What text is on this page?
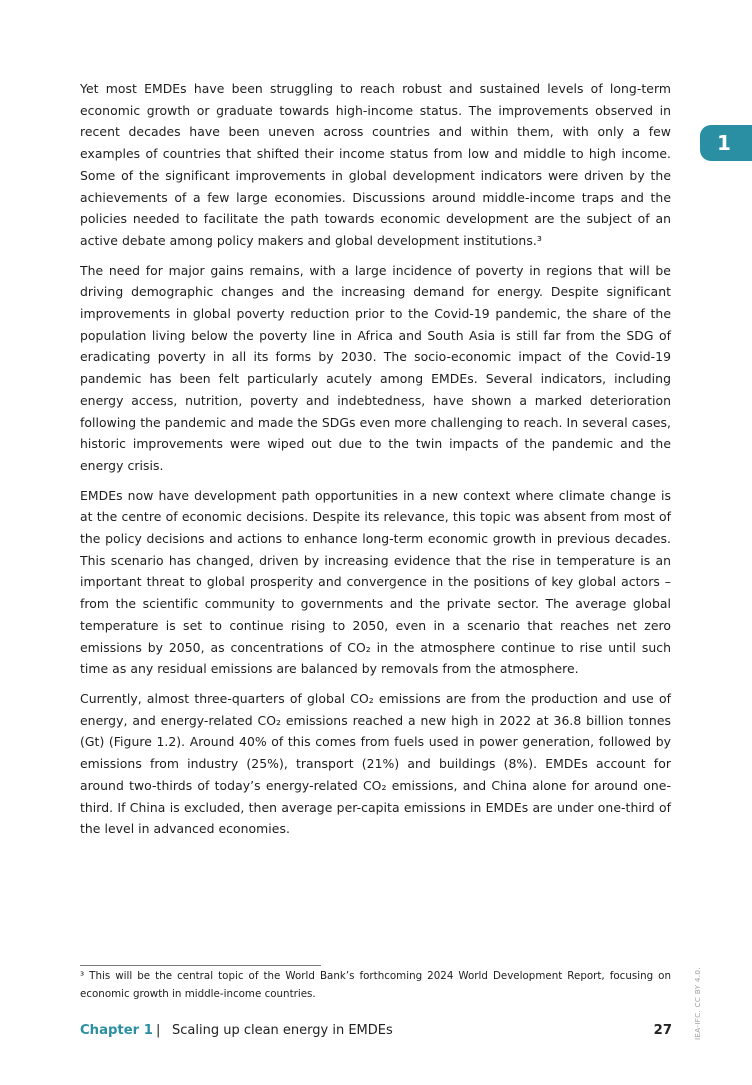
Yet most EMDEs have been struggling to reach robust and sustained levels of long-term economic growth or graduate towards high-income status. The improvements observed in recent decades have been uneven across countries and within them, with only a few examples of countries that shifted their income status from low and middle to high income. Some of the significant improvements in global development indicators were driven by the achievements of a few large economies. Discussions around middle-income traps and the policies needed to facilitate the path towards economic development are the subject of an active debate among policy makers and global development institutions.³

The need for major gains remains, with a large incidence of poverty in regions that will be driving demographic changes and the increasing demand for energy. Despite significant improvements in global poverty reduction prior to the Covid-19 pandemic, the share of the population living below the poverty line in Africa and South Asia is still far from the SDG of eradicating poverty in all its forms by 2030. The socio-economic impact of the Covid-19 pandemic has been felt particularly acutely among EMDEs. Several indicators, including energy access, nutrition, poverty and indebtedness, have shown a marked deterioration following the pandemic and made the SDGs even more challenging to reach. In several cases, historic improvements were wiped out due to the twin impacts of the pandemic and the energy crisis.

EMDEs now have development path opportunities in a new context where climate change is at the centre of economic decisions. Despite its relevance, this topic was absent from most of the policy decisions and actions to enhance long-term economic growth in previous decades. This scenario has changed, driven by increasing evidence that the rise in temperature is an important threat to global prosperity and convergence in the positions of key global actors – from the scientific community to governments and the private sector. The average global temperature is set to continue rising to 2050, even in a scenario that reaches net zero emissions by 2050, as concentrations of CO₂ in the atmosphere continue to rise until such time as any residual emissions are balanced by removals from the atmosphere.

Currently, almost three-quarters of global CO₂ emissions are from the production and use of energy, and energy-related CO₂ emissions reached a new high in 2022 at 36.8 billion tonnes (Gt) (Figure 1.2). Around 40% of this comes from fuels used in power generation, followed by emissions from industry (25%), transport (21%) and buildings (8%). EMDEs account for around two-thirds of today’s energy-related CO₂ emissions, and China alone for around one-third. If China is excluded, then average per-capita emissions in EMDEs are under one-third of the level in advanced economies.

1

³ This will be the central topic of the World Bank’s forthcoming 2024 World Development Report, focusing on economic growth in middle-income countries.

Chapter 1 | Scaling up clean energy in EMDEs	27	IEA-IFC. CC BY 4.0.
